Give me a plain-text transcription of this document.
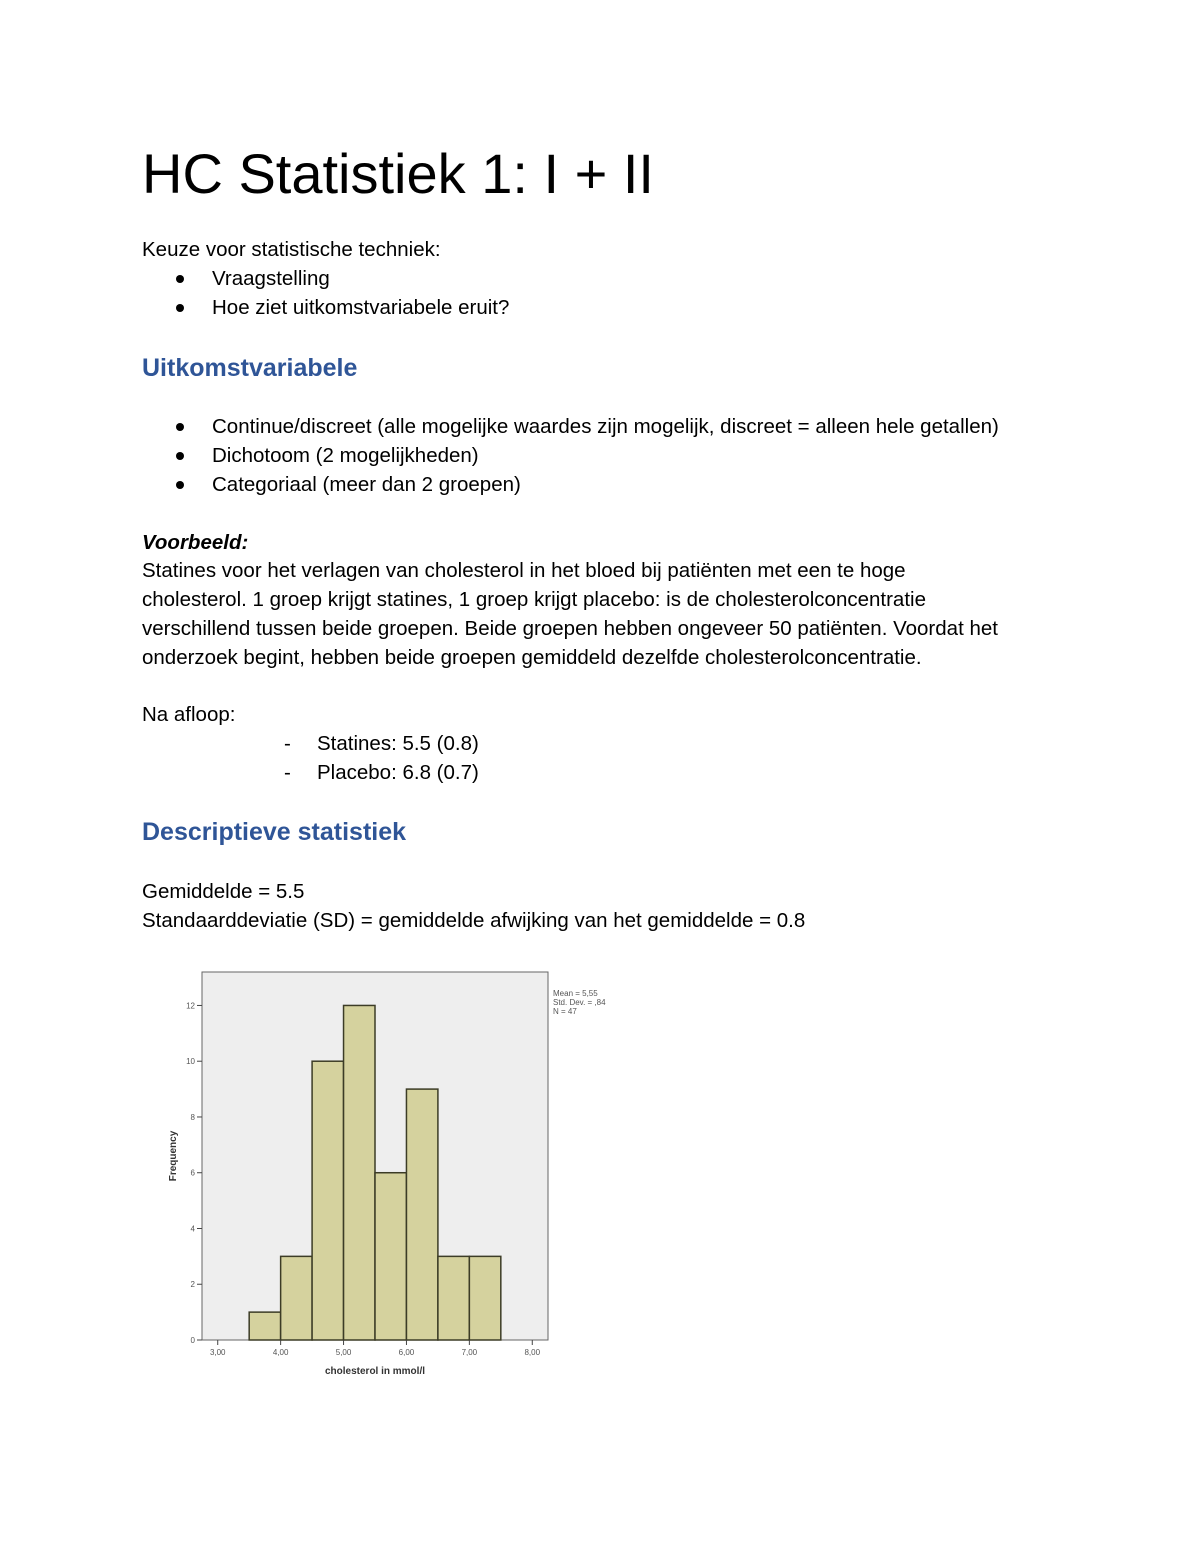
HC Statistiek 1: I + II

Keuze voor statistische techniek:

Vraagstelling
Hoe ziet uitkomstvariabele eruit?
Uitkomstvariabele
Continue/discreet (alle mogelijke waardes zijn mogelijk, discreet = alleen hele getallen)
Dichotoom (2 mogelijkheden)
Categoriaal (meer dan 2 groepen)

Voorbeeld:

Statines voor het verlagen van cholesterol in het bloed bij patiënten met een te hoge
cholesterol. 1 groep krijgt statines, 1 groep krijgt placebo: is de cholesterolconcentratie
verschillend tussen beide groepen. Beide groepen hebben ongeveer 50 patiënten. Voordat het
onderzoek begint, hebben beide groepen gemiddeld dezelfde cholesterolconcentratie.

Na afloop:

- Statines: 5.5 (0.8)
- Placebo: 6.8 (0.7)
Descriptieve statistiek

Gemiddelde = 5.5

Standaarddeviatie (SD) = gemiddelde afwijking van het gemiddelde = 0.8

0
2
4
6
8
10
12
3,00	4,00	5,00	6,00	7,00	8,00
cholesterol in mmol/l
Frequency
Mean = 5,55
Std. Dev. = ,84
N = 47
